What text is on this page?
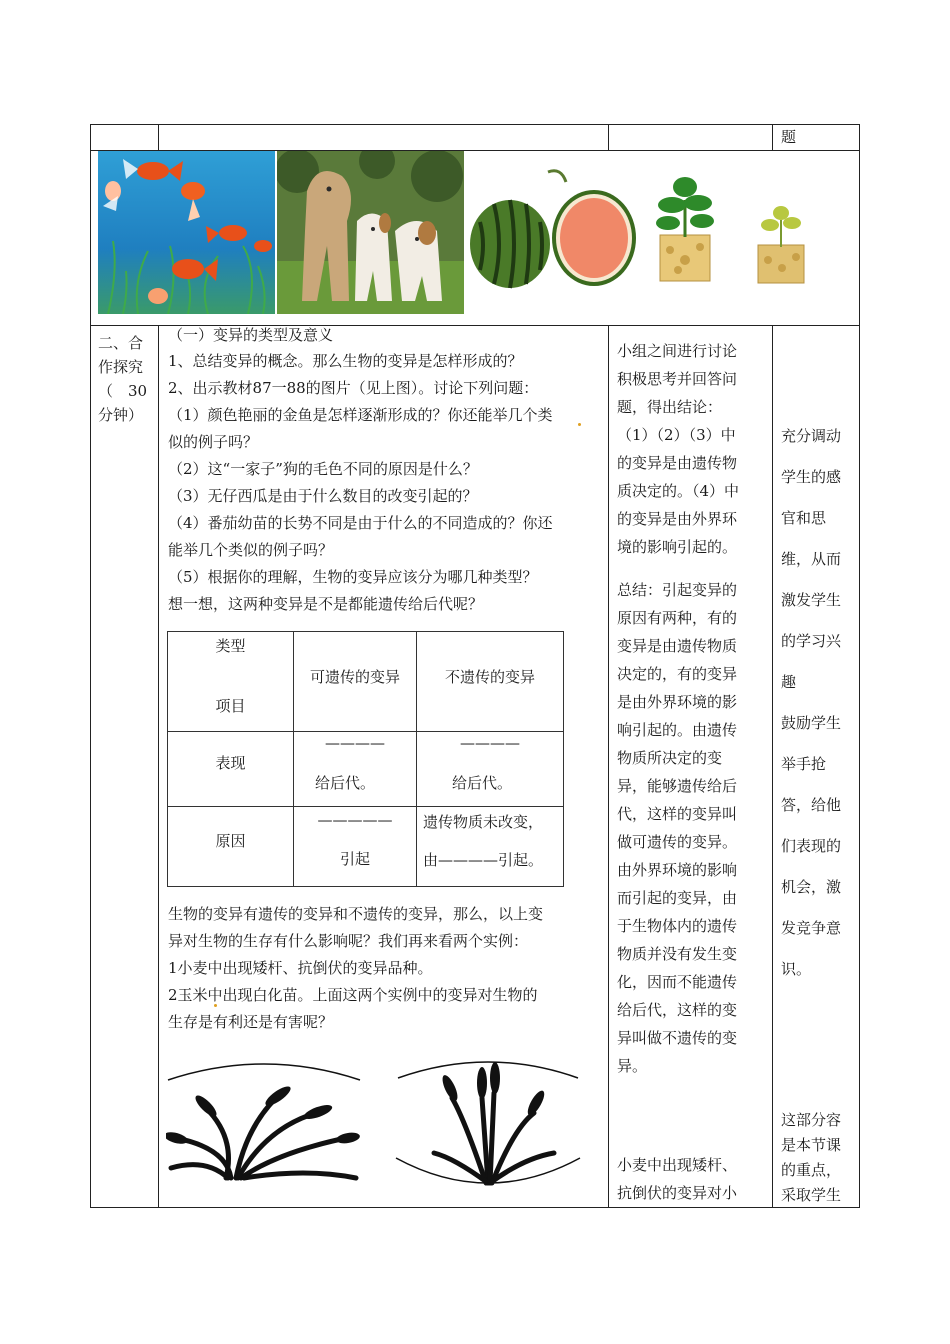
题
二、合
作探究
（　30
分钟）
（一）变异的类型及意义
1、总结变异的概念。那么生物的变异是怎样形成的？
2、出示教材87一88的图片（见上图）。讨论下列问题：
（1）颜色艳丽的金鱼是怎样逐渐形成的？你还能举几个类
似的例子吗？
（2）这“一家子”狗的毛色不同的原因是什么？
（3）无仔西瓜是由于什么数目的改变引起的？
（4）番茄幼苗的长势不同是由于什么的不同造成的？你还
能举几个类似的例子吗？
（5）根据你的理解，生物的变异应该分为哪几种类型？
想一想，这两种变异是不是都能遗传给后代呢？
类型
项目
可遗传的变异	不遗传的变异
表现
————
给后代。
————
给后代。
原因
—————
引起
遗传物质未改变，
由————引起。
生物的变异有遗传的变异和不遗传的变异，那么，以上变
异对生物的生存有什么影响呢？我们再来看两个实例：
1小麦中出现矮杆、抗倒伏的变异品种。
2玉米中出现白化苗。上面这两个实例中的变异对生物的
生存是有利还是有害呢？
小组之间进行讨论
积极思考并回答问
题，得出结论：
（1）（2）（3）中
的变异是由遗传物
质决定的。（4）中
的变异是由外界环
境的影响引起的。
总结：引起变异的
原因有两种，有的
变异是由遗传物质
决定的，有的变异
是由外界环境的影
响引起的。由遗传
物质所决定的变
异，能够遗传给后
代，这样的变异叫
做可遗传的变异。
由外界环境的影响
而引起的变异，由
于生物体内的遗传
物质并没有发生变
化，因而不能遗传
给后代，这样的变
异叫做不遗传的变
异。
小麦中出现矮杆、
抗倒伏的变异对小
充分调动
学生的感
官和思
维，从而
激发学生
的学习兴
趣
鼓励学生
举手抢
答，给他
们表现的
机会，激
发竞争意
识。
这部分容
是本节课
的重点，
采取学生
